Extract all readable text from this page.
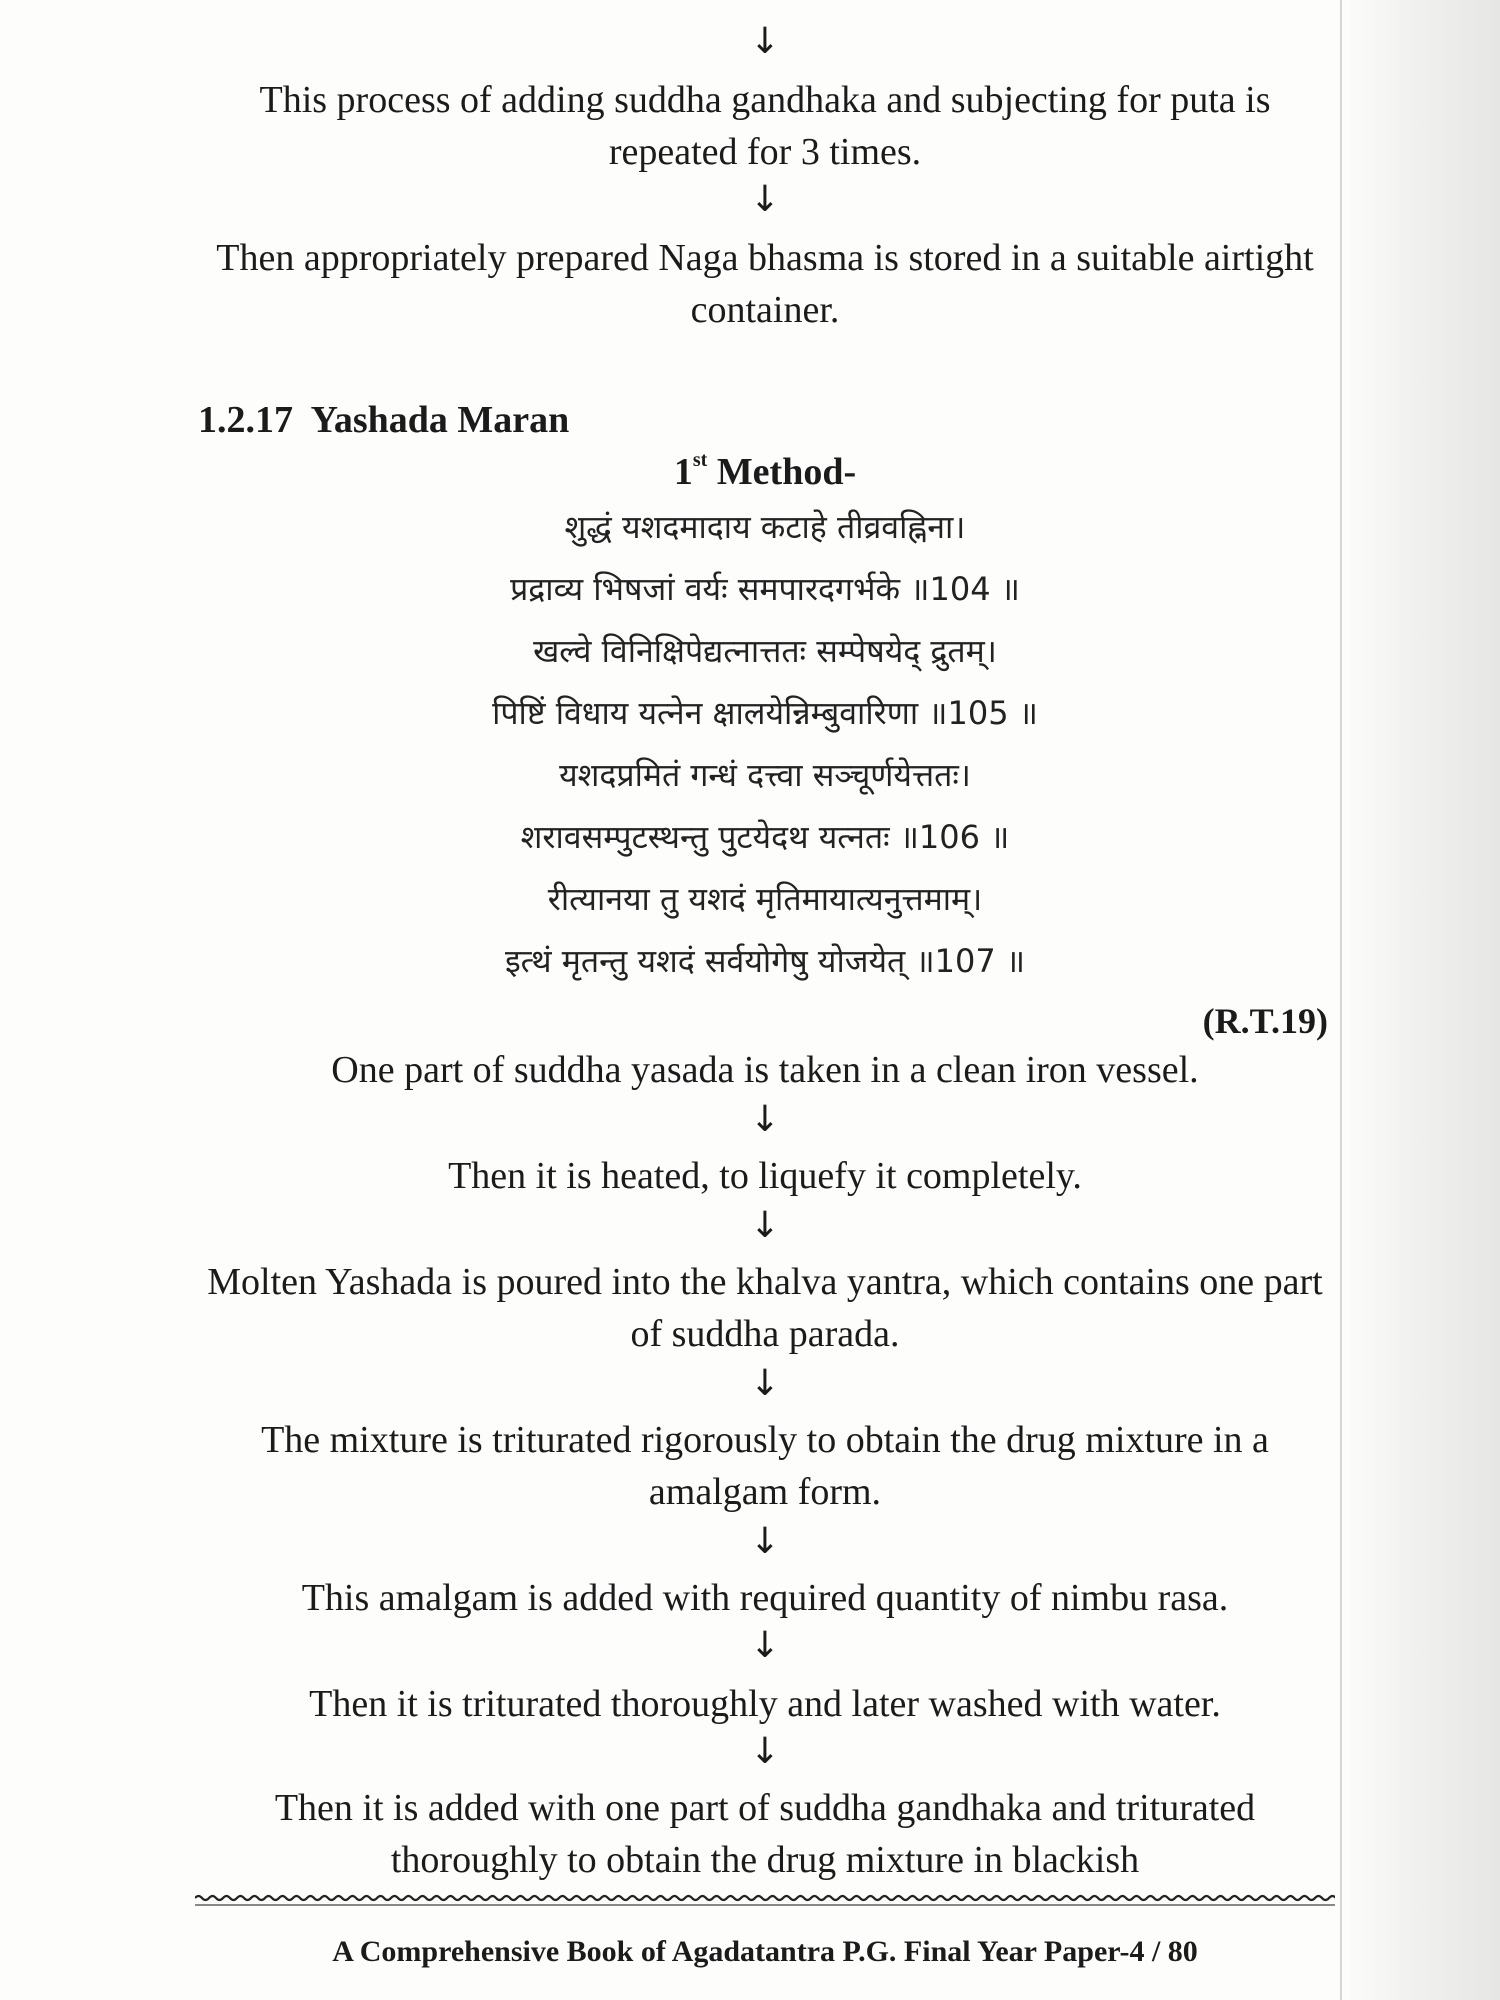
↓
This process of adding suddha gandhaka and subjecting for puta is repeated for 3 times.
↓
Then appropriately prepared Naga bhasma is stored in a suitable airtight container.
1.2.17 Yashada Maran
1st Method-
शुद्धं यशदमादाय कटाहे तीव्रवह्निना।
प्रद्राव्य भिषजां वर्यः समपारदगर्भके ॥104 ॥
खल्वे विनिक्षिपेद्यत्नात्ततः सम्पेषयेद् द्रुतम्।
पिष्टिं विधाय यत्नेन क्षालयेन्निम्बुवारिणा ॥105 ॥
यशदप्रमितं गन्धं दत्त्वा सञ्चूर्णयेत्ततः।
शरावसम्पुटस्थन्तु पुटयेदथ यत्नतः ॥106 ॥
रीत्यानया तु यशदं मृतिमायात्यनुत्तमाम्।
इत्थं मृतन्तु यशदं सर्वयोगेषु योजयेत् ॥107 ॥
(R.T.19)
One part of suddha yasada is taken in a clean iron vessel.
↓
Then it is heated, to liquefy it completely.
↓
Molten Yashada is poured into the khalva yantra, which contains one part of suddha parada.
↓
The mixture is triturated rigorously to obtain the drug mixture in a amalgam form.
↓
This amalgam is added with required quantity of nimbu rasa.
↓
Then it is triturated thoroughly and later washed with water.
↓
Then it is added with one part of suddha gandhaka and triturated thoroughly to obtain the drug mixture in blackish
A Comprehensive Book of Agadatantra P.G. Final Year Paper-4 / 80
